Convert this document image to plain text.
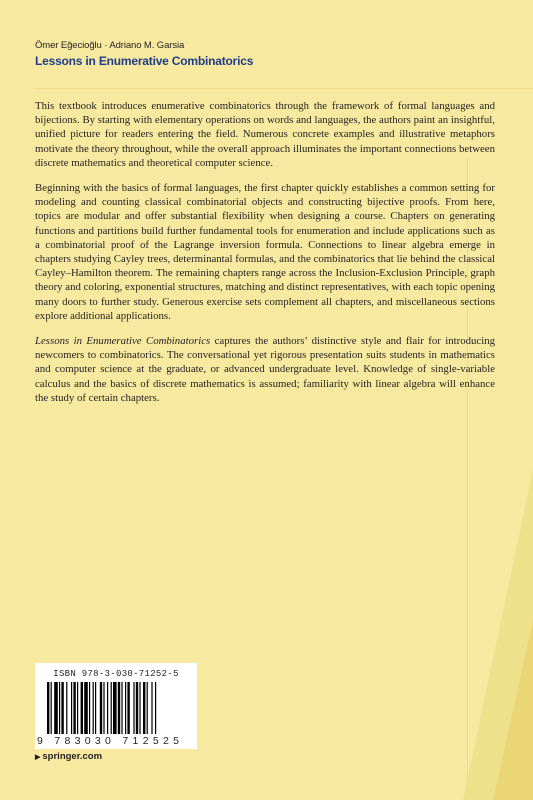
Ömer Eğecioğlu · Adriano M. Garsia
Lessons in Enumerative Combinatorics

This textbook introduces enumerative combinatorics through the framework of formal languages and bijections. By starting with elementary operations on words and languages, the authors paint an insightful, unified picture for readers entering the field. Numerous concrete examples and illustrative metaphors motivate the theory throughout, while the overall approach illuminates the important connections between discrete mathematics and theoretical computer science.

Beginning with the basics of formal languages, the first chapter quickly establishes a common setting for modeling and counting classical combinatorial objects and constructing bijective proofs. From here, topics are modular and offer substantial flexibility when designing a course. Chapters on generating functions and partitions build further fundamental tools for enumeration and include applications such as a combinatorial proof of the Lagrange inversion formula. Connections to linear algebra emerge in chapters studying Cayley trees, determinantal formulas, and the combinatorics that lie behind the classical Cayley–Hamilton theorem. The remaining chapters range across the Inclusion-Exclusion Principle, graph theory and coloring, exponential structures, matching and distinct representatives, with each topic opening many doors to further study. Generous exercise sets complement all chapters, and miscellaneous sections explore additional applications.

Lessons in Enumerative Combinatorics captures the authors’ distinctive style and flair for introducing newcomers to combinatorics. The conversational yet rigorous presentation suits students in mathematics and computer science at the graduate, or advanced undergraduate level. Knowledge of single-variable calculus and the basics of discrete mathematics is assumed; familiarity with linear algebra will enhance the study of certain chapters.

ISBN 978-3-030-71252-5
9 783030 712525
▶ springer.com
